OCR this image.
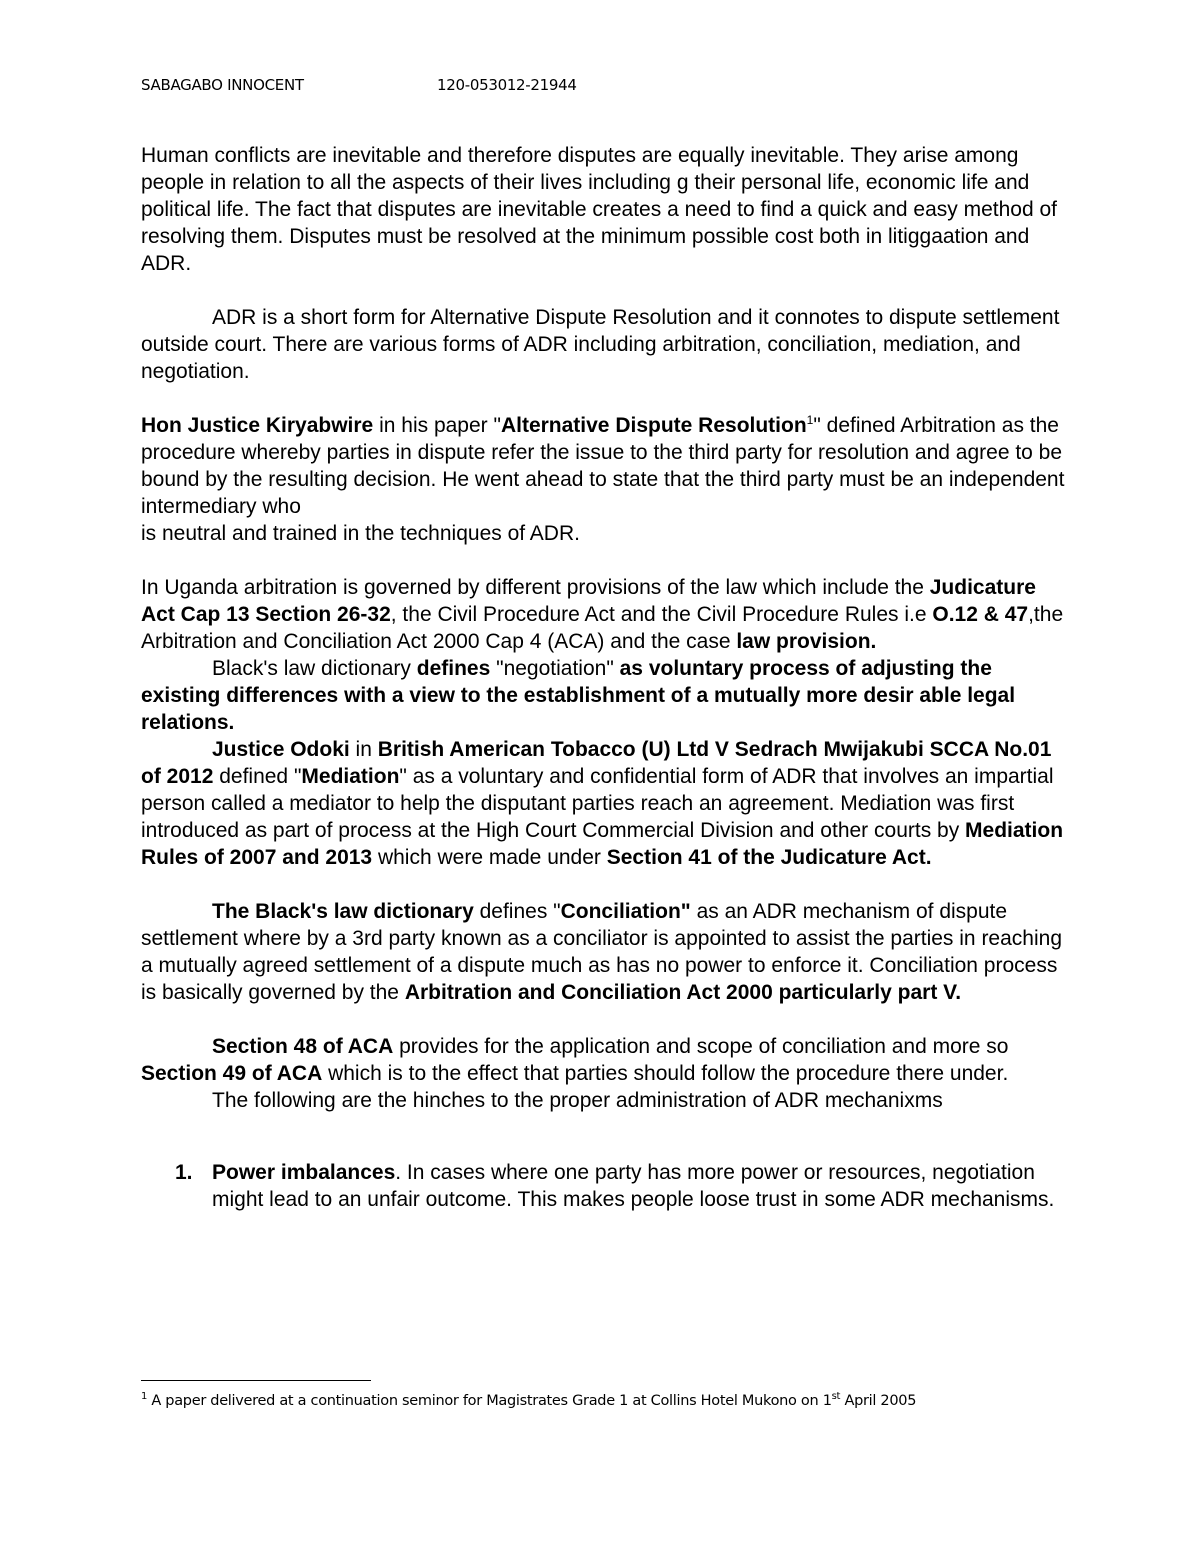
SABAGABO INNOCENT	120-053012-21944

Human conflicts are inevitable and therefore disputes are equally inevitable. They arise among people in relation to all the aspects of their lives including g their personal life, economic life and political life. The fact that disputes are inevitable creates a need to find a quick and easy method of resolving them. Disputes must be resolved at the minimum possible cost both in litiggaation and ADR.

ADR is a short form for Alternative Dispute Resolution and it connotes to dispute settlement outside court. There are various forms of ADR including arbitration, conciliation, mediation, and negotiation.

Hon Justice Kiryabwire in his paper "Alternative Dispute Resolution$^1$" defined Arbitration as the procedure whereby parties in dispute refer the issue to the third party for resolution and agree to be bound by the resulting decision. He went ahead to state that the third party must be an independent intermediary who
is neutral and trained in the techniques of ADR.

In Uganda arbitration is governed by different provisions of the law which include the Judicature Act Cap 13 Section 26-32, the Civil Procedure Act and the Civil Procedure Rules i.e O.12 & 47,the Arbitration and Conciliation Act 2000 Cap 4 (ACA) and the case law provision.

Black's law dictionary defines "negotiation" as voluntary process of adjusting the existing differences with a view to the establishment of a mutually more desir able legal relations.

Justice Odoki in British American Tobacco (U) Ltd V Sedrach Mwijakubi SCCA No.01 of 2012 defined "Mediation" as a voluntary and confidential form of ADR that involves an impartial person called a mediator to help the disputant parties reach an agreement. Mediation was first introduced as part of process at the High Court Commercial Division and other courts by Mediation Rules of 2007 and 2013 which were made under Section 41 of the Judicature Act.

The Black's law dictionary defines "Conciliation" as an ADR mechanism of dispute settlement where by a 3rd party known as a conciliator is appointed to assist the parties in reaching a mutually agreed settlement of a dispute much as has no power to enforce it. Conciliation process is basically governed by the Arbitration and Conciliation Act 2000 particularly part V.

Section 48 of ACA provides for the application and scope of conciliation and more so Section 49 of ACA which is to the effect that parties should follow the procedure there under.

The following are the hinches to the proper administration of ADR mechanixms

1. Power imbalances. In cases where one party has more power or resources, negotiation might lead to an unfair outcome. This makes people loose trust in some ADR mechanisms.
$^1$ A paper delivered at a continuation seminor for Magistrates Grade 1 at Collins Hotel Mukono on 1st April 2005
